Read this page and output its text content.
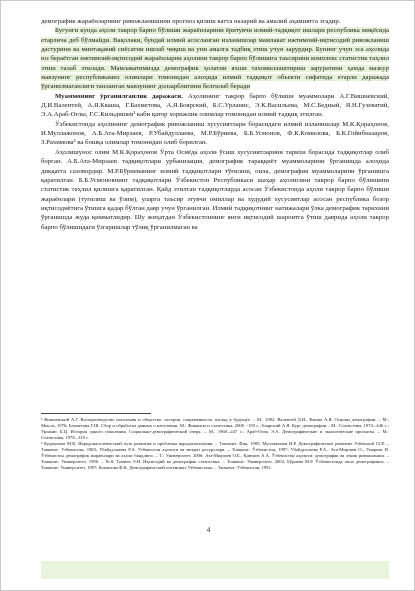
демографик жараёнларнинг ривожланишини прогноз қилиш катта назарий ва амалий аҳамиятга эгадир.

Бугунги кунда аҳоли такрор барпо бўлиши жараёнларини ёритувчи илмий-тадқиқот ишлари республика миқёсида етарлича деб бўлмайди. Вақолаки, бундай илмий асосланган изланишлар мамлакат ижтимоий-иқтисодий ривожланиш дастурини ва минтақавий сиёсатни ишлаб чиқиш ва уни амалга тадбиқ этиш учун зарурдир. Бунинг учун эса аҳолида юз бераётган ижтимоий-иқтисодий жараёнларни аҳолини такрор барпо бўлишига таъсирини комплекс статистик таҳлил этиш талаб этилади. Мамлакатимизда демографик ҳолатни яхши тахомиллаштириш заруратини ҳамда мазкур мавзунинг республикамиз олимлари томонидан алоҳида илмий тадқиқот объекти сифатида етарли даражада ўрганилмаганлиги танланган мавзунинг долзарблигини белгилаб беради

Муаммонинг ўрганилганлик даражаси. Аҳолининг такрор барпо бўлиши муаммолари А.Г.Вишневский, Д.И.Валентей, А.Я.Кваша, Г.Бахметова, А.Я.Боярский, Б.С.Урланис, Э.К.Васильева, М.С.Бедный, Я.Н.Гузеватий, Э.А.Араб-Оглы, Г.С.Кильдишев¹ каби қатор хорижлик олимлар томонидан илмий тадқиқ этилган.

Ўзбекистонда аҳолининг демографик ривожланиш хусусиятлари борасидаги илмий изланишлар М.К.Қораҳонов, И.Муллажонов, А.Б.Ата-Мирзаев, Р.Убайдуллаева, М.Р.Бўриева, Б.Б.Усмонов, Ф.К.Комилова, Б.К.Гойибназаров, З.Рахимова² ва бошқа олимлар томонидан олиб борилган.

Аҳолишунос олим М.К.Қораҳонов Ўрта Осиёда аҳоли ўсиш хусусиятларини тарихи борасида тадқиқотлар олиб борган. А.Б.Ата-Мирзаев тадқиқотлари урбанизация, демографик тараққиёт муаммоларини ўрганишда алоҳида диққатга сазовордир. М.Р.Бўриеванинг илмий тадқиқотлари тўғилиш, оила, демография муаммоларини ўрганишга қаратилган. Б.Б.Усмоновнинг тадқиқотлари Ўзбекистон Республикаси шаҳар аҳолисини такрор барпо бўлишини статистик таҳлил қилишга қаратилган. Қайд этилган тадқиқотларда асосан Ўзбекистонда аҳоли такрор барпо бўлиши жараёнлари (туғилиш ва ўлим), уларга таъсир этувчи омиллар ва худудий хусусиятлар асосан республика бозор иқтисодиётига ўтишга қадар бўлган давр учун ўрганилган. Илмий тадқиқотнинг натижалари ўлка демографик тарихини ўрганишда жуда қимматлидир. Шу жиҳатдан Ўзбекистоннинг янги иқтисодий шароитга ўтиш даврида аҳоли такрор барпо бўлишидаги ўзгаришлар тўлиқ ўрганилмаган ва

¹ Вишневский А.Г. Воспроизводство населения и общество: история, современность, взгляд в будущее. – М., 1982; Валентей Д.И., Кваша А.Я. Основы демографии. – М.: Мысль, 1976; Бахметова Г.Ш. Сбор и обработка данных о населении. М.: Финансы и статистика, 2000. -159 с.; Боярский А.Я. Курс демографии.– М.: Статистика, 1974.–446 с.; Урланис Б.Ц. История одного поколения. Социально-демографический очерк. – М., 1968.–247 с.; Араб-Оглы Э.А. Демографические и экологические прогнозы. – М.: Статистика, 1978.–319 с.

² Қораҳонов М.К. Народонаселенческий путь развития и проблемы народонаселения. – Ташкент: Фан, 1985; Муллажонов И.Р. Демографическое развитие Узбекской ССР. – Ташкент: Узбекистан, 1983; Убайдуллаева Р.А. Узбекистон аҳолиси ва меҳнат ресурслари. – Тошкент: Ўзбекистон, 1997; Убайдуллаева Р.А., Ата-Мирзаев О., Умарова Н. Ўзбекистон демографик жараёнлари ва аҳоли бандлиги. – Т.: Университет, 2006; Ата-Мирзаев О.Б., Қаюмов А.А. Ўзбекистон аҳолиси: демографик ва этник ривожланиш. – Тошкент: Университет, 1996. – №8; Томиев Э.Н. Иқтисодий ва демографик статистика. – Тошкент: Университет, 2002; Бўриева М.Р. Ўзбекистонда оила демографияси. – Тошкент: Университет, 1997; Комилова Ф.К. Демографический потенциал Узбекистана. – Ташкент: Узбекистан, 1991.

4
